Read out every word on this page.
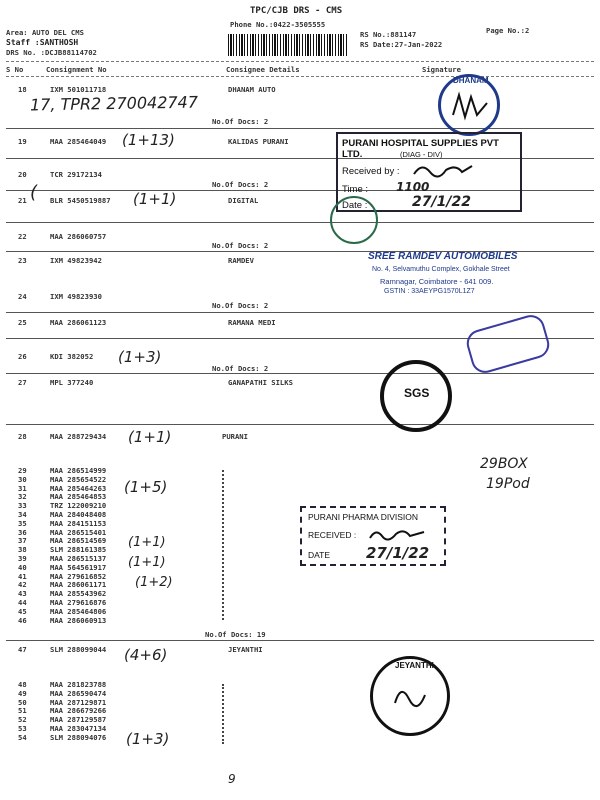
TPC/CJB DRS - CMS
Phone No.:0422-3505555
Area: AUTO DEL CMS
Staff :SANTHOSH
DRS No. :DCJB88114702
RS No.:881147
RS Date:27-Jan-2022
Page No.:2
S No	Consignment No	Consignee Details	Signature
18	IXM 501011718	DHANAM AUTO
No.Of Docs: 2
19	MAA 285464049	KALIDAS PURANI
20	TCR 29172134
No.Of Docs: 2
21	BLR 5450519887	DIGITAL
22	MAA 286060757
No.Of Docs: 2
23	IXM 49823942	RAMDEV
24	IXM 49823930
No.Of Docs: 2
25	MAA 286061123	RAMANA MEDI
26	KDI 382052
No.Of Docs: 2
27	MPL 377240	GANAPATHI SILKS
28	MAA 288729434	PURANI
29	MAA 286514999
30	MAA 285654522
31	MAA 285464263
32	MAA 285464853
33	TRZ 122009210
34	MAA 284048408
35	MAA 284151153
36	MAA 286515401
37	MAA 286514569
38	SLM 288161385
39	MAA 286515137
40	MAA 564561917
41	MAA 279616852
42	MAA 286061171
43	MAA 285543962
44	MAA 279616876
45	MAA 285464806
46	MAA 286060913
No.Of Docs: 19
47	SLM 288099044	JEYANTHI
48	MAA 281823788
49	MAA 286590474
50	MAA 287129871
51	MAA 286679266
52	MAA 287129587
53	MAA 283047134
54	SLM 288094076
17, TPR2 270042747
(1+13)
(	(1+1)
(1+3)
(1+1)
(1+5)
(1+1)
(1+1)
(1+2)
(4+6)
(1+3)
29BOX
19Pod
9
DHANAM
PURANI HOSPITAL SUPPLIES PVT LTD.	(DIAG - DIV)
Received by :
Time : 1100
Date :	27/1/22
SREE RAMDEV AUTOMOBILES
No. 4, Selvamuthu Complex, Gokhale Street
Ramnagar, Coimbatore - 641 009.
GSTIN : 33AEYPG1570L1Z7
SGS
PURANI PHARMA DIVISION
RECEIVED :
DATE 27/1/22
JEYANTHI
